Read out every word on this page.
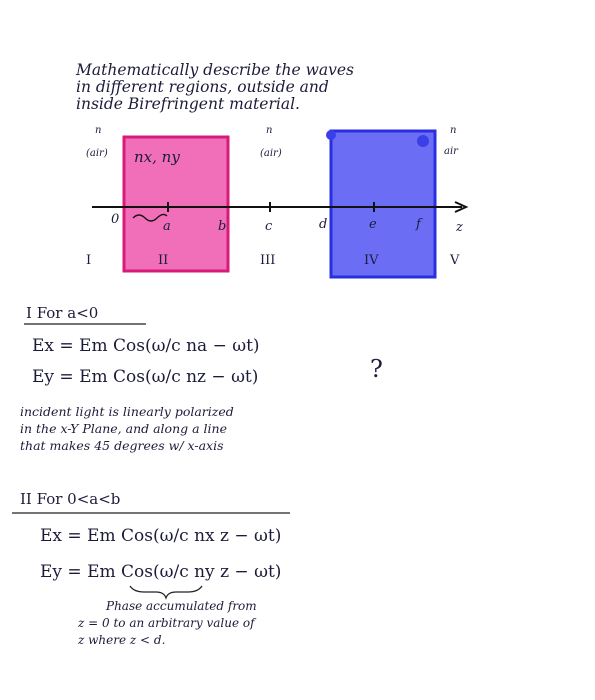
Mathematically describe the waves
in different regions, outside and
inside Birefringent material.
n
(air) nx, ny
n
(air)
n
air
0	a	b	c	d	e	f	z
I	II	III	IV	V
I For a<0
Ex = Em Cos(ω/c na − ωt)
Ey = Em Cos(ω/c nz − ωt)	?
incident light is linearly polarized
in the x-Y Plane, and along a line
that makes 45 degrees w/ x-axis
II For 0<a<b
Ex = Em Cos(ω/c nx z − ωt)
Ey = Em Cos(ω/c ny z − ωt)
Phase accumulated from
z = 0 to an arbitrary value of
z where z < d.
